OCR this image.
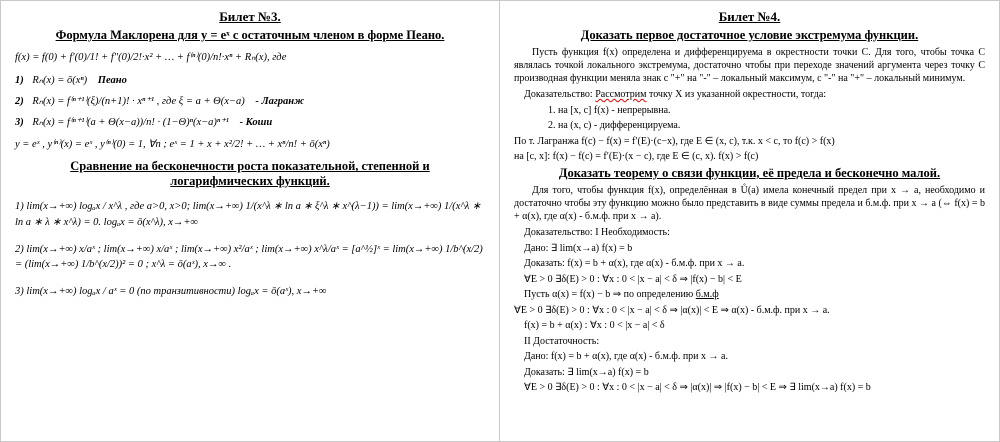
Билет №3.
Формула Маклорена для y = eˣ с остаточным членом в форме Пеано.

f(x) = f(0) + f′(0)/1! + f″(0)/2!·x² + … + f⁽ⁿ⁾(0)/n!·xⁿ + Rₙ(x), где

1) Rₙ(x) = ō(xⁿ) Пеано
2) Rₙ(x) = f⁽ⁿ⁺¹⁾(ξ)/(n+1)! · xⁿ⁺¹ , где ξ = a + Θ(x−a) - Лагранж
3) Rₙ(x) = f⁽ⁿ⁺¹⁾(a + Θ(x−a))/n! · (1−Θ)ⁿ(x−a)ⁿ⁺¹ - Коши

y = eˣ , y⁽ⁿ⁾(x) = eˣ , y⁽ⁿ⁾(0) = 1, ∀n ; eˣ = 1 + x + x²/2! + … + xⁿ/n! + ō(xⁿ)

Сравнение на бесконечности роста показательной, степенной и
логарифмических функций.

1) lim(x→+∞) logₐx / x^λ , где a>0, x>0; lim(x→+∞) 1/(x^λ ∗ ln a ∗ ξ^λ ∗ x^(λ−1)) = lim(x→+∞) 1/(x^λ ∗ ln a ∗ λ ∗ x^λ) = 0. logₐx = ō(x^λ), x→+∞

2) lim(x→+∞) x/aˣ ; lim(x→+∞) x/aˣ ; lim(x→+∞) x²/aˣ ; lim(x→+∞) x^λ/aˣ = [a^½]ˣ = lim(x→+∞) 1/b^(x/2) = (lim(x→+∞) 1/b^(x/2))² = 0 ; x^λ = ō(aˣ), x→∞ .

3) lim(x→+∞) logₐx / aˣ = 0 (по транзитивности) logₐx = ō(aˣ), x→+∞

Билет №4.
Доказать первое достаточное условие экстремума функции.

Пусть функция f(x) определена и дифференцируема в окрестности точки С. Для того, чтобы точка С являлась точкой локального экстремума, достаточно чтобы при переходе значений аргумента через точку С производная функции меняла знак с "+" на "-" – локальный максимум, с "-" на "+" – локальный минимум.

Доказательство: Рассмотрим точку X из указанной окрестности, тогда:

1. на [x, c] f(x) - непрерывна.

2. на (x, c) - дифференцируема.

По т. Лагранжа f(c) − f(x) = f′(E)·(c−x), где E ∈ (x, c), т.к. x < c, то f(c) > f(x)

на [c, x]: f(x) − f(c) = f′(E)·(x − c), где E ∈ (c, x). f(x) > f(c)

Доказать теорему о связи функции, её предела и бесконечно малой.

Для того, чтобы функция f(x), определённая в Ů(a) имела конечный предел при x → a, необходимо и достаточно чтобы эту функцию можно было представить в виде суммы предела и б.м.ф. при x → a (⇔ f(x) = b + α(x), где α(x) - б.м.ф. при x → a).

Доказательство: I Необходимость:

Дано: ∃ lim(x→a) f(x) = b

Доказать: f(x) = b + α(x), где α(x) - б.м.ф. при x → a.

∀E > 0 ∃δ(E) > 0 : ∀x : 0 < |x − a| < δ ⇒ |f(x) − b| < E

Пусть α(x) = f(x) − b ⇒ по определению б.м.ф

∀E > 0 ∃δ(E) > 0 : ∀x : 0 < |x − a| < δ ⇒ |α(x)| < E ⇒ α(x) - б.м.ф. при x → a.

f(x) = b + α(x) : ∀x : 0 < |x − a| < δ

II Достаточность:

Дано: f(x) = b + α(x), где α(x) - б.м.ф. при x → a.

Доказать: ∃ lim(x→a) f(x) = b

∀E > 0 ∃δ(E) > 0 : ∀x : 0 < |x − a| < δ ⇒ |α(x)| ⇒ |f(x) − b| < E ⇒ ∃ lim(x→a) f(x) = b
